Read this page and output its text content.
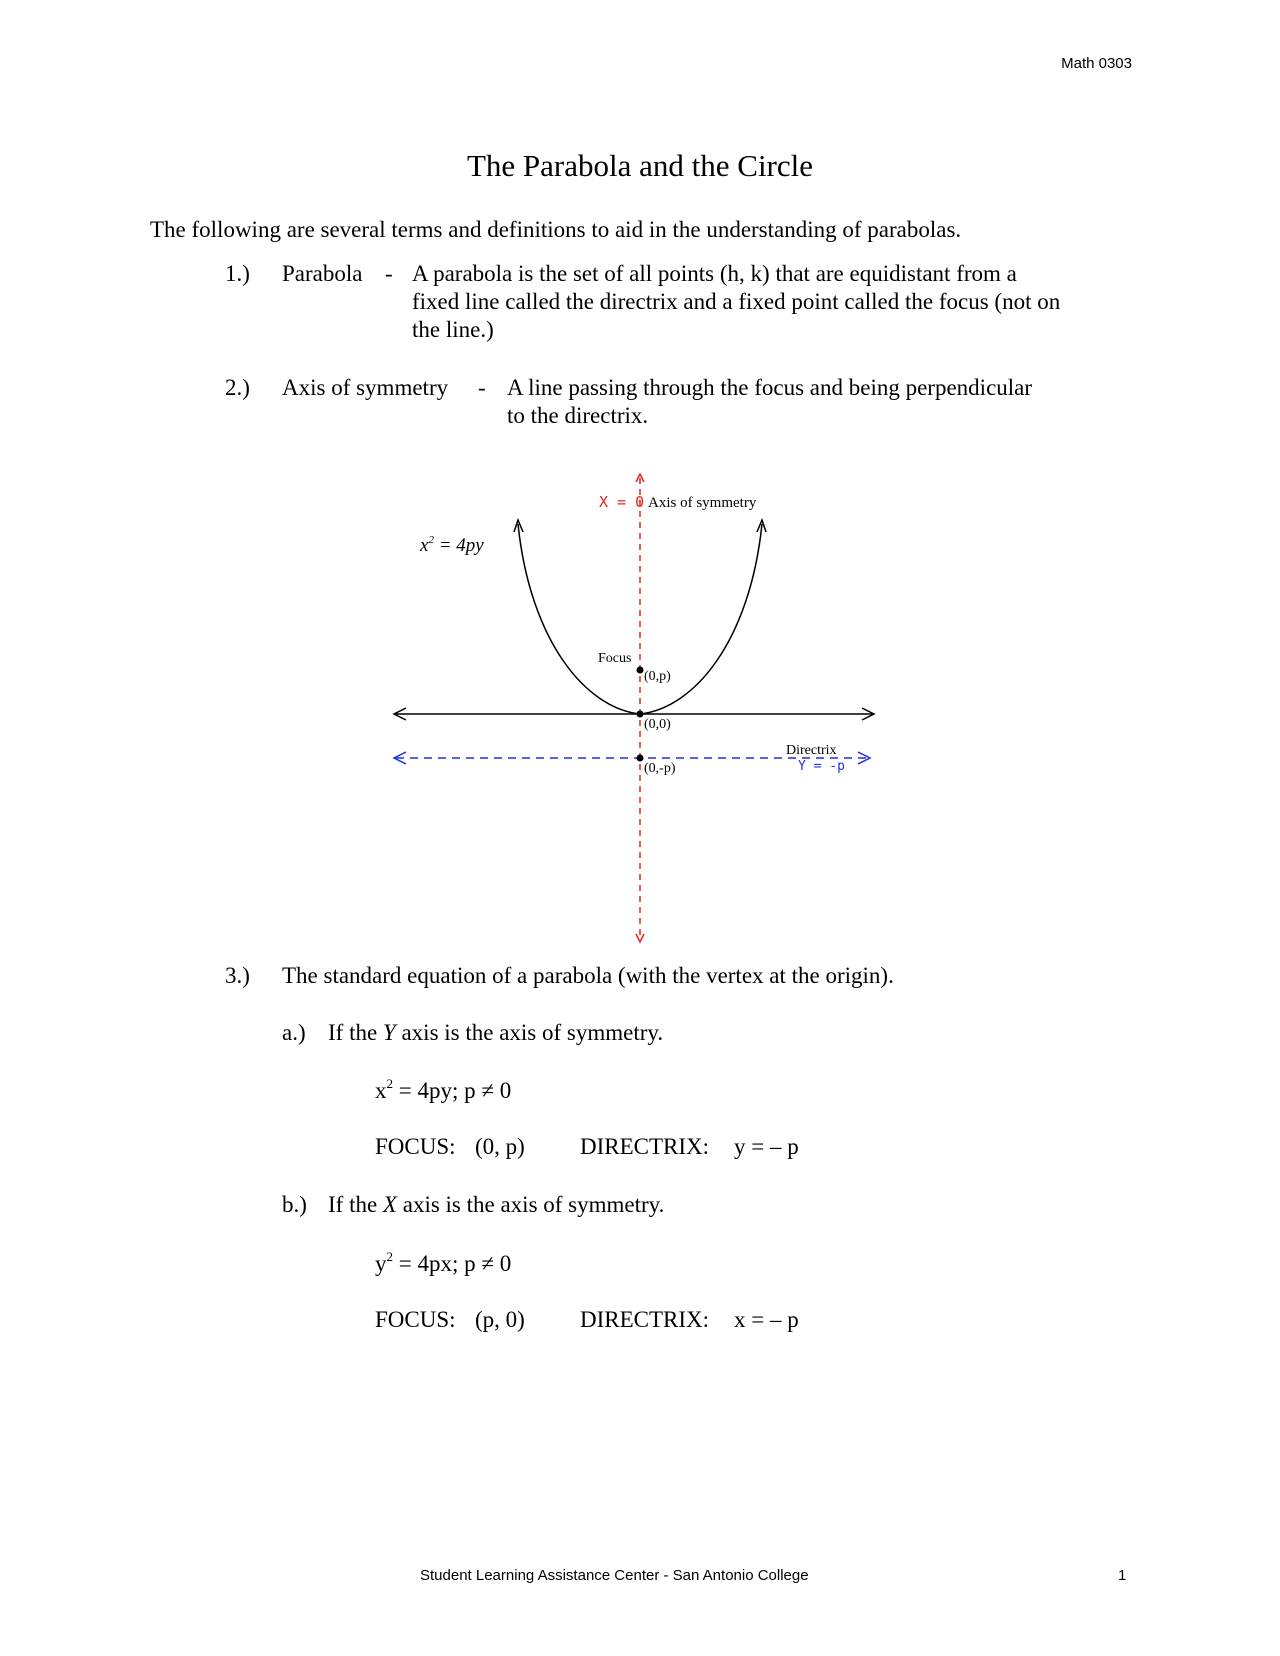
Math 0303
The Parabola and the Circle
The following are several terms and definitions to aid in the understanding of parabolas.
1.) Parabola - A parabola is the set of all points (h, k) that are equidistant from a
fixed line called the directrix and a fixed point called the focus (not on
the line.)
2.) Axis of symmetry - A line passing through the focus and being perpendicular
to the directrix.
X = 0 Axis of symmetry
$x^2 = 4py$
Focus
(0,p)
(0,0)
(0,-p)
Directrix
Y = -p
3.) The standard equation of a parabola (with the vertex at the origin).
a.) If the Y axis is the axis of symmetry.
$x^2 = 4py$; p ≠ 0
FOCUS: (0, p) DIRECTRIX: y = – p
b.) If the X axis is the axis of symmetry.
$y^2 = 4px$; p ≠ 0
FOCUS: (p, 0) DIRECTRIX: x = – p
Student Learning Assistance Center - San Antonio College	1
